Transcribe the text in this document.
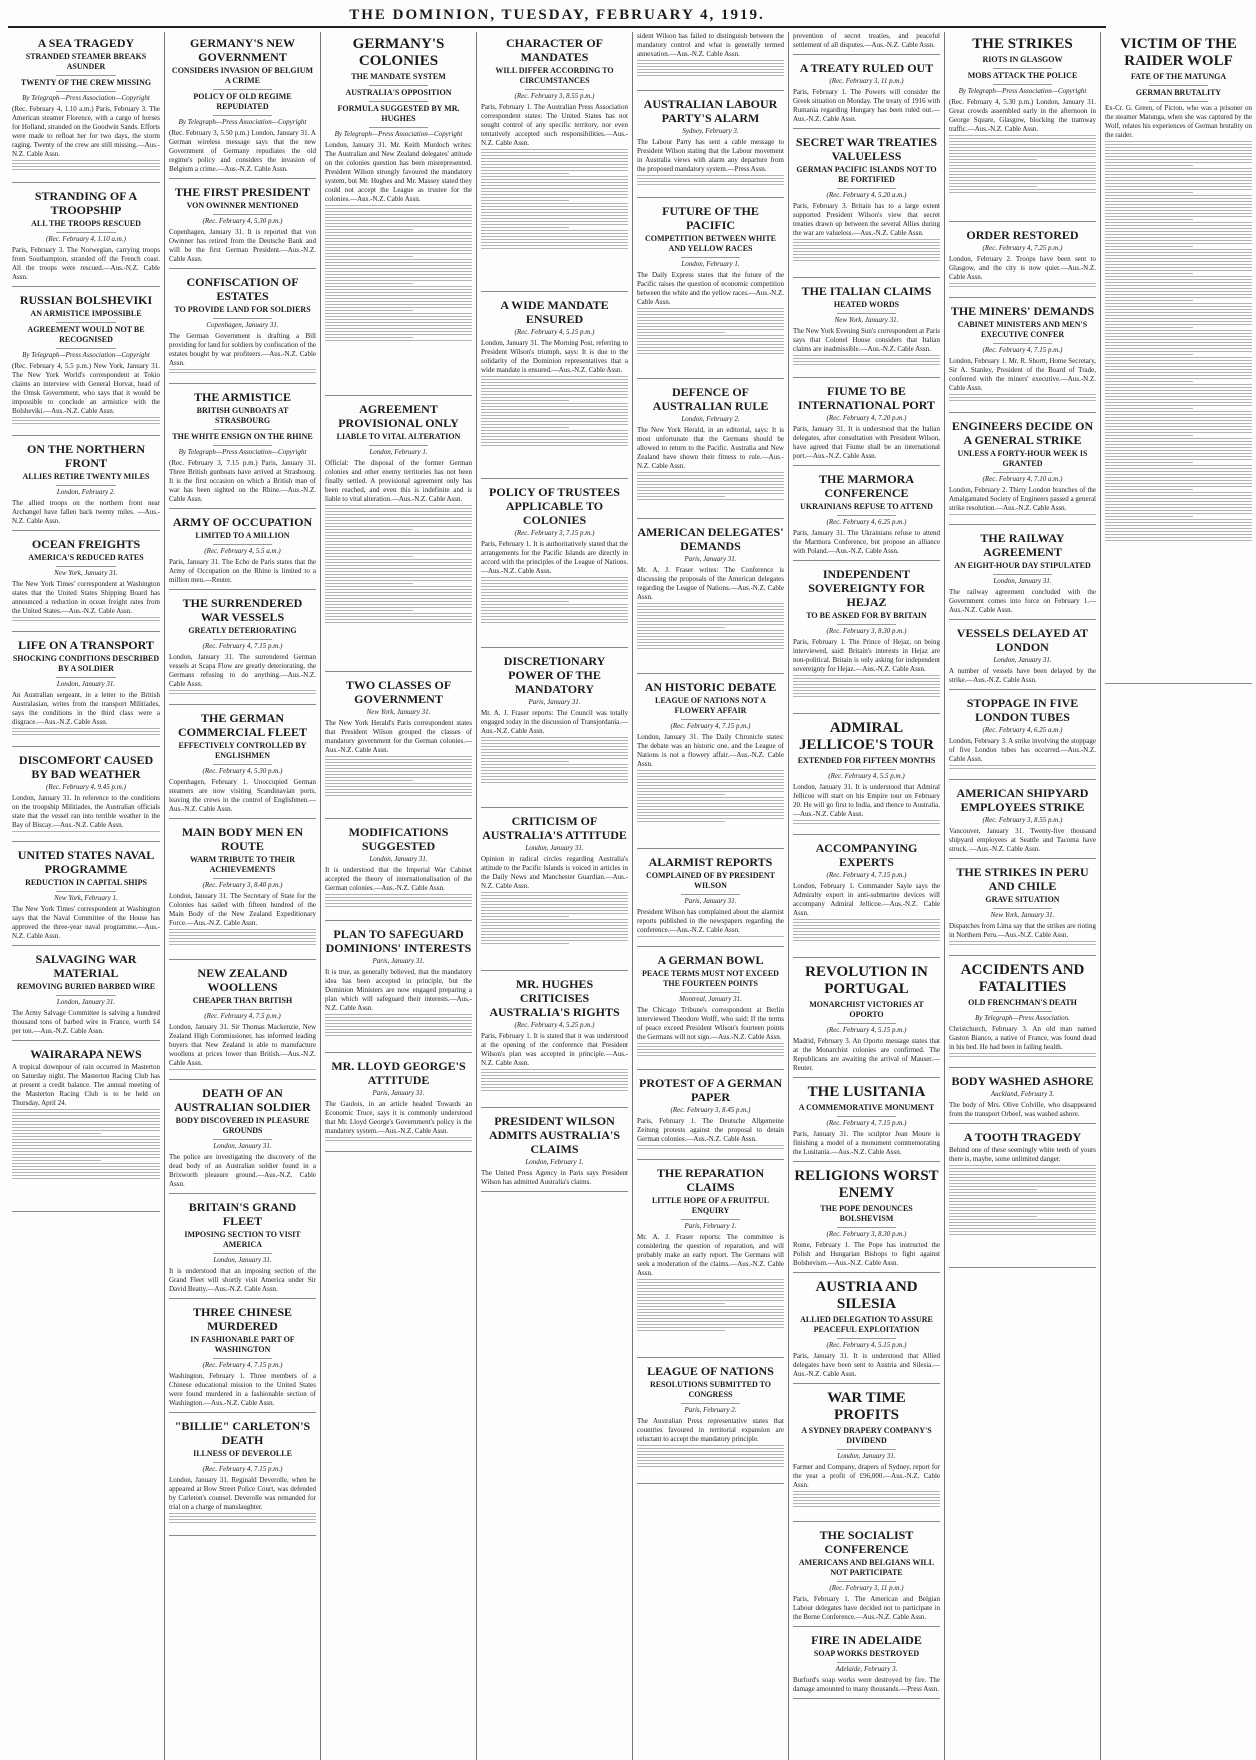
THE DOMINION, TUESDAY, FEBRUARY 4, 1919.
A SEA TRAGEDY
STRANDED STEAMER BREAKS ASUNDER
TWENTY OF THE CREW MISSING
By Telegraph—Press Association—Copyright
(Rec. February 4, 1.10 a.m.) Paris, February 3. The American steamer Florence, with a cargo of horses for Holland, stranded on the Goodwin Sands. Efforts were made to refloat her for two days, the storm raging. Twenty of the crew are still missing.—Aus.-N.Z. Cable Assn.
STRANDING OF A TROOPSHIP
ALL THE TROOPS RESCUED
(Rec. February 4, 1.10 a.m.)
Paris, February 3. The Norwegian, carrying troops from Southampton, stranded off the French coast. All the troops were rescued.—Aus.-N.Z. Cable Assn.
RUSSIAN BOLSHEVIKI
AN ARMISTICE IMPOSSIBLE
AGREEMENT WOULD NOT BE RECOGNISED
By Telegraph—Press Association—Copyright
(Rec. February 4, 5.5 p.m.) New York, January 31. The New York World's correspondent at Tokio claims an interview with General Horvat, head of the Omsk Government, who says that it would be impossible to conclude an armistice with the Bolsheviki.—Aus.-N.Z. Cable Assn.
ON THE NORTHERN FRONT
ALLIES RETIRE TWENTY MILES
London, February 2.
The allied troops on the northern front near Archangel have fallen back twenty miles. —Aus.-N.Z. Cable Assn.
OCEAN FREIGHTS
AMERICA'S REDUCED RATES
New York, January 31.
The New York Times' correspondent at Washington states that the United States Shipping Board has announced a reduction in ocean freight rates from the United States.—Aus.-N.Z. Cable Assn.
LIFE ON A TRANSPORT
SHOCKING CONDITIONS DESCRIBED BY A SOLDIER
London, January 31.
An Australian sergeant, in a letter to the British Australasian, writes from the transport Militiades, says the conditions in the third class were a disgrace.—Aus.-N.Z. Cable Assn.
DISCOMFORT CAUSED BY BAD WEATHER
(Rec. February 4, 9.45 p.m.)
London, January 31. In reference to the conditions on the troopship Militiades, the Australian officials state that the vessel ran into terrible weather in the Bay of Biscay.—Aus.-N.Z. Cable Assn.
UNITED STATES NAVAL PROGRAMME
REDUCTION IN CAPITAL SHIPS
New York, February 1.
The New York Times' correspondent at Washington says that the Naval Committee of the House has approved the three-year naval programme.—Aus.-N.Z. Cable Assn.
SALVAGING WAR MATERIAL
REMOVING BURIED BARBED WIRE
London, January 31.
The Army Salvage Committee is salving a hundred thousand tons of barbed wire in France, worth £4 per ton.—Aus.-N.Z. Cable Assn.
WAIRARAPA NEWS
A tropical downpour of rain occurred in Masterton on Saturday night. The Masterton Racing Club has at present a credit balance. The annual meeting of the Masterton Racing Club is to be held on Thursday, April 24.
GERMANY'S NEW GOVERNMENT
CONSIDERS INVASION OF BELGIUM A CRIME
POLICY OF OLD REGIME REPUDIATED
By Telegraph—Press Association—Copyright
(Rec. February 3, 5.50 p.m.) London, January 31. A German wireless message says that the new Government of Germany repudiates the old regime's policy and considers the invasion of Belgium a crime.—Aus.-N.Z. Cable Assn.
THE FIRST PRESIDENT
VON OWINNER MENTIONED
(Rec. February 4, 5.30 p.m.)
Copenhagen, January 31. It is reported that von Owinner has retired from the Deutsche Bank and will be the first German President.—Aus.-N.Z. Cable Assn.
CONFISCATION OF ESTATES
TO PROVIDE LAND FOR SOLDIERS
Copenhagen, January 31.
The German Government is drafting a Bill providing for land for soldiers by confiscation of the estates bought by war profiteers.—Aus.-N.Z. Cable Assn.
THE ARMISTICE
BRITISH GUNBOATS AT STRASBOURG
THE WHITE ENSIGN ON THE RHINE
By Telegraph—Press Association—Copyright
(Rec. February 3, 7.15 p.m.) Paris, January 31. Three British gunboats have arrived at Strasbourg. It is the first occasion on which a British man of war has been sighted on the Rhine.—Aus.-N.Z. Cable Assn.
ARMY OF OCCUPATION
LIMITED TO A MILLION
(Rec. February 4, 5.5 a.m.)
Paris, January 31. The Echo de Paris states that the Army of Occupation on the Rhine is limited to a million men.—Reuter.
THE SURRENDERED WAR VESSELS
GREATLY DETERIORATING
(Rec. February 4, 7.15 p.m.)
London, January 31. The surrendered German vessels at Scapa Flow are greatly deteriorating, the Germans refusing to do anything.—Aus.-N.Z. Cable Assn.
THE GERMAN COMMERCIAL FLEET
EFFECTIVELY CONTROLLED BY ENGLISHMEN
(Rec. February 4, 5.30 p.m.)
Copenhagen, February 1. Unoccupied German steamers are now visiting Scandinavian ports, leaving the crews in the control of Englishmen.—Aus.-N.Z. Cable Assn.
MAIN BODY MEN EN ROUTE
WARM TRIBUTE TO THEIR ACHIEVEMENTS
(Rec. February 3, 8.40 p.m.)
London, January 31. The Secretary of State for the Colonies has sailed with fifteen hundred of the Main Body of the New Zealand Expeditionary Force.—Aus.-N.Z. Cable Assn.
NEW ZEALAND WOOLLENS
CHEAPER THAN BRITISH
(Rec. February 4, 7.5 p.m.)
London, January 31. Sir Thomas Mackenzie, New Zealand High Commissioner, has informed leading buyers that New Zealand is able to manufacture woollens at prices lower than British.—Aus.-N.Z. Cable Assn.
DEATH OF AN AUSTRALIAN SOLDIER
BODY DISCOVERED IN PLEASURE GROUNDS
London, January 31.
The police are investigating the discovery of the dead body of an Australian soldier found in a Brixworth pleasure ground.—Aus.-N.Z. Cable Assn.
BRITAIN'S GRAND FLEET
IMPOSING SECTION TO VISIT AMERICA
London, January 31.
It is understood that an imposing section of the Grand Fleet will shortly visit America under Sir David Beatty.—Aus.-N.Z. Cable Assn.
THREE CHINESE MURDERED
IN FASHIONABLE PART OF WASHINGTON
(Rec. February 4, 7.15 p.m.)
Washington, February 1. Three members of a Chinese educational mission to the United States were found murdered in a fashionable section of Washington.—Aus.-N.Z. Cable Assn.
"BILLIE" CARLETON'S DEATH
ILLNESS OF DEVEROLLE
(Rec. February 4, 7.15 p.m.)
London, January 31. Reginald Deverolle, when he appeared at Bow Street Police Court, was defended by Carleton's counsel. Deverolle was remanded for trial on a charge of manslaughter.
GERMANY'S COLONIES
THE MANDATE SYSTEM
AUSTRALIA'S OPPOSITION
FORMULA SUGGESTED BY MR. HUGHES
By Telegraph—Press Association—Copyright
London, January 31. Mr. Keith Murdoch writes: The Australian and New Zealand delegates' attitude on the colonies question has been misrepresented. President Wilson strongly favoured the mandatory system, but Mr. Hughes and Mr. Massey stated they could not accept the League as trustee for the colonies.—Aus.-N.Z. Cable Assn.
AGREEMENT PROVISIONAL ONLY
LIABLE TO VITAL ALTERATION
London, February 1.
Official: The disposal of the former German colonies and other enemy territories has not been finally settled. A provisional agreement only has been reached, and even this is indefinite and is liable to vital alteration.—Aus.-N.Z. Cable Assn.
TWO CLASSES OF GOVERNMENT
New York, January 31.
The New York Herald's Paris correspondent states that President Wilson grouped the classes of mandatory government for the German colonies.—Aus.-N.Z. Cable Assn.
MODIFICATIONS SUGGESTED
London, January 31.
It is understood that the Imperial War Cabinet accepted the theory of internationalisation of the German colonies.—Aus.-N.Z. Cable Assn.
PLAN TO SAFEGUARD DOMINIONS' INTERESTS
Paris, January 31.
It is true, as generally believed, that the mandatory idea has been accepted in principle, but the Dominion Ministers are now engaged preparing a plan which will safeguard their interests.—Aus.-N.Z. Cable Assn.
MR. LLOYD GEORGE'S ATTITUDE
Paris, January 31.
The Gaulois, in an article headed Towards an Economic Truce, says it is commonly understood that Mr. Lloyd George's Government's policy is the mandatory system.—Aus.-N.Z. Cable Assn.
CHARACTER OF MANDATES
WILL DIFFER ACCORDING TO CIRCUMSTANCES
(Rec. February 3, 8.55 p.m.)
Paris, February 1. The Australian Press Association correspondent states: The United States has not sought control of any specific territory, nor even tentatively accepted such responsibilities.—Aus.-N.Z. Cable Assn.
A WIDE MANDATE ENSURED
(Rec. February 4, 5.15 p.m.)
London, January 31. The Morning Post, referring to President Wilson's triumph, says: It is due to the solidarity of the Dominion representatives that a wide mandate is ensured.—Aus.-N.Z. Cable Assn.
POLICY OF TRUSTEES APPLICABLE TO COLONIES
(Rec. February 3, 7.15 p.m.)
Paris, February 1. It is authoritatively stated that the arrangements for the Pacific Islands are directly in accord with the principles of the League of Nations.—Aus.-N.Z. Cable Assn.
DISCRETIONARY POWER OF THE MANDATORY
Paris, January 31.
Mr. A. J. Fraser reports: The Council was totally engaged today in the discussion of Transjordania.—Aus.-N.Z. Cable Assn.
CRITICISM OF AUSTRALIA'S ATTITUDE
London, January 31.
Opinion in radical circles regarding Australia's attitude to the Pacific Islands is voiced in articles in the Daily News and Manchester Guardian.—Aus.-N.Z. Cable Assn.
MR. HUGHES CRITICISES AUSTRALIA'S RIGHTS
(Rec. February 4, 5.25 p.m.)
Paris, February 1. It is stated that it was understood at the opening of the conference that President Wilson's plan was accepted in principle.—Aus.-N.Z. Cable Assn.
PRESIDENT WILSON ADMITS AUSTRALIA'S CLAIMS
London, February 1.
The United Press Agency in Paris says President Wilson has admitted Australia's claims.
sident Wilson has failed to distinguish between the mandatory control and what is generally termed annexation.—Aus.-N.Z. Cable Assn.
AUSTRALIAN LABOUR PARTY'S ALARM
Sydney, February 3.
The Labour Party has sent a cable message to President Wilson stating that the Labour movement in Australia views with alarm any departure from the proposed mandatory system.—Press Assn.
FUTURE OF THE PACIFIC
COMPETITION BETWEEN WHITE AND YELLOW RACES
London, February 1.
The Daily Express states that the future of the Pacific raises the question of economic competition between the white and the yellow races.—Aus.-N.Z. Cable Assn.
DEFENCE OF AUSTRALIAN RULE
London, February 2.
The New York Herald, in an editorial, says: It is most unfortunate that the Germans should be allowed to return to the Pacific. Australia and New Zealand have shown their fitness to rule.—Aus.-N.Z. Cable Assn.
AMERICAN DELEGATES' DEMANDS
Paris, January 31.
Mr. A. J. Fraser writes: The Conference is discussing the proposals of the American delegates regarding the League of Nations.—Aus.-N.Z. Cable Assn.
AN HISTORIC DEBATE
LEAGUE OF NATIONS NOT A FLOWERY AFFAIR
(Rec. February 4, 7.15 p.m.)
London, January 31. The Daily Chronicle states: The debate was an historic one, and the League of Nations is not a flowery affair.—Aus.-N.Z. Cable Assn.
ALARMIST REPORTS
COMPLAINED OF BY PRESIDENT WILSON
Paris, January 31.
President Wilson has complained about the alarmist reports published in the newspapers regarding the conference.—Aus.-N.Z. Cable Assn.
A GERMAN BOWL
PEACE TERMS MUST NOT EXCEED THE FOURTEEN POINTS
Montreal, January 31.
The Chicago Tribune's correspondent at Berlin interviewed Theodore Wolff, who said: If the terms of peace exceed President Wilson's fourteen points the Germans will not sign.—Aus.-N.Z. Cable Assn.
PROTEST OF A GERMAN PAPER
(Rec. February 3, 8.45 p.m.)
Paris, February 1. The Deutsche Allgemeine Zeitung protests against the proposal to detain German colonies.—Aus.-N.Z. Cable Assn.
THE REPARATION CLAIMS
LITTLE HOPE OF A FRUITFUL ENQUIRY
Paris, February 1.
Mr. A. J. Fraser reports: The committee is considering the question of reparation, and will probably make an early report. The Germans will seek a moderation of the claims.—Aus.-N.Z. Cable Assn.
LEAGUE OF NATIONS
RESOLUTIONS SUBMITTED TO CONGRESS
Paris, February 2.
The Australian Press representative states that countries favoured in territorial expansion are reluctant to accept the mandatory principle.
prevention of secret treaties, and peaceful settlement of all disputes.—Aus.-N.Z. Cable Assn.
A TREATY RULED OUT
(Rec. February 3, 11 p.m.)
Paris, February 1. The Powers will consider the Greek situation on Monday. The treaty of 1916 with Rumania regarding Hungary has been ruled out.—Aus.-N.Z. Cable Assn.
SECRET WAR TREATIES VALUELESS
GERMAN PACIFIC ISLANDS NOT TO BE FORTIFIED
(Rec. February 4, 5.20 a.m.)
Paris, February 3. Britain has to a large extent supported President Wilson's view that secret treaties drawn up between the several Allies during the war are valueless.—Aus.-N.Z. Cable Assn.
THE ITALIAN CLAIMS
HEATED WORDS
New York, January 31.
The New York Evening Sun's correspondent at Paris says that Colonel House considers that Italian claims are inadmissible.—Aus.-N.Z. Cable Assn.
FIUME TO BE INTERNATIONAL PORT
(Rec. February 4, 7.20 p.m.)
Paris, January 31. It is understood that the Italian delegates, after consultation with President Wilson, have agreed that Fiume shall be an international port.—Aus.-N.Z. Cable Assn.
THE MARMORA CONFERENCE
UKRAINIANS REFUSE TO ATTEND
(Rec. February 4, 6.25 p.m.)
Paris, January 31. The Ukrainians refuse to attend the Marmora Conference, but propose an alliance with Poland.—Aus.-N.Z. Cable Assn.
INDEPENDENT SOVEREIGNTY FOR HEJAZ
TO BE ASKED FOR BY BRITAIN
(Rec. February 3, 8.30 p.m.)
Paris, February 1. The Prince of Hejaz, on being interviewed, said: Britain's interests in Hejaz are non-political. Britain is only asking for independent sovereignty for Hejaz.—Aus.-N.Z. Cable Assn.
ADMIRAL JELLICOE'S TOUR
EXTENDED FOR FIFTEEN MONTHS
(Rec. February 4, 5.5 p.m.)
London, January 31. It is understood that Admiral Jellicoe will start on his Empire tour on February 20. He will go first to India, and thence to Australia.—Aus.-N.Z. Cable Assn.
ACCOMPANYING EXPERTS
(Rec. February 4, 7.15 p.m.)
London, February 1. Commander Sayle says the Admiralty expert in anti-submarine devices will accompany Admiral Jellicoe.—Aus.-N.Z. Cable Assn.
REVOLUTION IN PORTUGAL
MONARCHIST VICTORIES AT OPORTO
(Rec. February 4, 5.15 p.m.)
Madrid, February 3. An Oporto message states that at the Monarchist colonies are confirmed. The Republicans are awaiting the arrival of Mauser.—Reuter.
THE LUSITANIA
A COMMEMORATIVE MONUMENT
(Rec. February 4, 7.15 p.m.)
Paris, January 31. The sculptor Jean Moure is finishing a model of a monument commemorating the Lusitania.—Aus.-N.Z. Cable Assn.
RELIGIONS WORST ENEMY
THE POPE DENOUNCES BOLSHEVISM
(Rec. February 3, 8.30 p.m.)
Rome, February 1. The Pope has instructed the Polish and Hungarian Bishops to fight against Bolshevism.—Aus.-N.Z. Cable Assn.
AUSTRIA AND SILESIA
ALLIED DELEGATION TO ASSURE PEACEFUL EXPLOITATION
(Rec. February 4, 5.15 p.m.)
Paris, January 31. It is understood that Allied delegates have been sent to Austria and Silesia.—Aus.-N.Z. Cable Assn.
WAR TIME PROFITS
A SYDNEY DRAPERY COMPANY'S DIVIDEND
London, January 31.
Farmer and Company, drapers of Sydney, report for the year a profit of £96,000.—Aus.-N.Z. Cable Assn.
THE SOCIALIST CONFERENCE
AMERICANS AND BELGIANS WILL NOT PARTICIPATE
(Rec. February 3, 11 p.m.)
Paris, February 1. The American and Belgian Labour delegates have decided not to participate in the Berne Conference.—Aus.-N.Z. Cable Assn.
FIRE IN ADELAIDE
SOAP WORKS DESTROYED
Adelaide, February 3.
Burford's soap works were destroyed by fire. The damage amounted to many thousands.—Press Assn.
THE STRIKES
RIOTS IN GLASGOW
MOBS ATTACK THE POLICE
By Telegraph—Press Association—Copyright
(Rec. February 4, 5.30 p.m.) London, January 31. Great crowds assembled early in the afternoon in George Square, Glasgow, blocking the tramway traffic.—Aus.-N.Z. Cable Assn.
ORDER RESTORED
(Rec. February 4, 7.25 p.m.)
London, February 2. Troops have been sent to Glasgow, and the city is now quiet.—Aus.-N.Z. Cable Assn.
THE MINERS' DEMANDS
CABINET MINISTERS AND MEN'S EXECUTIVE CONFER
(Rec. February 4, 7.15 p.m.)
London, February 1. Mr. R. Shortt, Home Secretary, Sir A. Stanley, President of the Board of Trade, conferred with the miners' executive.—Aus.-N.Z. Cable Assn.
ENGINEERS DECIDE ON A GENERAL STRIKE
UNLESS A FORTY-HOUR WEEK IS GRANTED
(Rec. February 4, 7.10 a.m.)
London, February 2. Thirty London branches of the Amalgamated Society of Engineers passed a general strike resolution.—Aus.-N.Z. Cable Assn.
THE RAILWAY AGREEMENT
AN EIGHT-HOUR DAY STIPULATED
London, January 31.
The railway agreement concluded with the Government comes into force on February 1.—Aus.-N.Z. Cable Assn.
VESSELS DELAYED AT LONDON
London, January 31.
A number of vessels have been delayed by the strike.—Aus.-N.Z. Cable Assn.
STOPPAGE IN FIVE LONDON TUBES
(Rec. February 4, 6.25 a.m.)
London, February 3. A strike involving the stoppage of five London tubes has occurred.—Aus.-N.Z. Cable Assn.
AMERICAN SHIPYARD EMPLOYEES STRIKE
(Rec. February 3, 8.55 p.m.)
Vancouver, January 31. Twenty-five thousand shipyard employees at Seattle and Tacoma have struck. —Aus.-N.Z. Cable Assn.
THE STRIKES IN PERU AND CHILE
GRAVE SITUATION
New York, January 31.
Dispatches from Lima say that the strikes are rioting in Northern Peru.—Aus.-N.Z. Cable Assn.
ACCIDENTS AND FATALITIES
OLD FRENCHMAN'S DEATH
By Telegraph—Press Association.
Christchurch, February 3. An old man named Gaston Bianco, a native of France, was found dead in his bed. He had been in failing health.
BODY WASHED ASHORE
Auckland, February 3.
The body of Mrs. Olive Colville, who disappeared from the transport Orbeef, was washed ashore.
A TOOTH TRAGEDY
Behind one of these seemingly white teeth of yours there is, maybe, some unlimited danger.
VICTIM OF THE RAIDER WOLF
FATE OF THE MATUNGA
GERMAN BRUTALITY
Ex-Cr. G. Green, of Picton, who was a prisoner on the steamer Matunga, when she was captured by the Wolf, relates his experiences of German brutality on the raider.
